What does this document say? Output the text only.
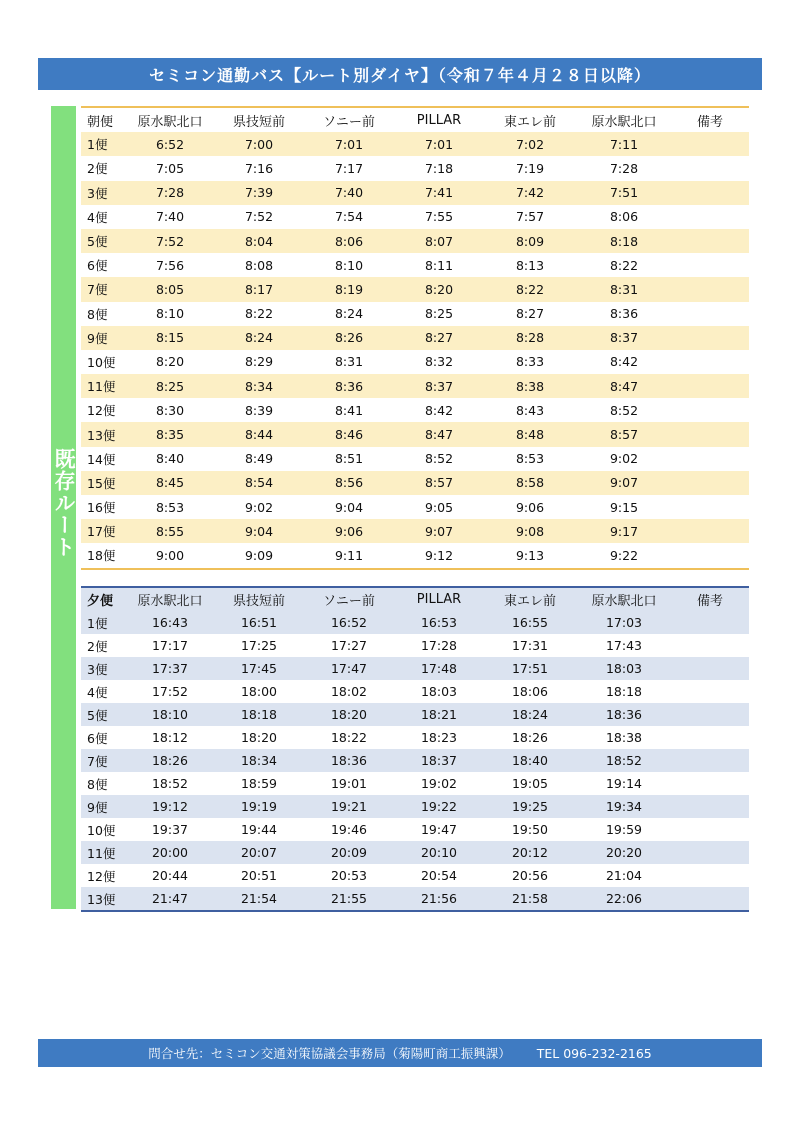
セミコン通勤バス【ルート別ダイヤ】（令和７年４月２８日以降）
既存ルート
朝便	原水駅北口	県技短前	ソニー前	PILLAR	東エレ前	原水駅北口	備考
1便	6:52	7:00	7:01	7:01	7:02	7:11	
2便	7:05	7:16	7:17	7:18	7:19	7:28	
3便	7:28	7:39	7:40	7:41	7:42	7:51	
4便	7:40	7:52	7:54	7:55	7:57	8:06	
5便	7:52	8:04	8:06	8:07	8:09	8:18	
6便	7:56	8:08	8:10	8:11	8:13	8:22	
7便	8:05	8:17	8:19	8:20	8:22	8:31	
8便	8:10	8:22	8:24	8:25	8:27	8:36	
9便	8:15	8:24	8:26	8:27	8:28	8:37	
10便	8:20	8:29	8:31	8:32	8:33	8:42	
11便	8:25	8:34	8:36	8:37	8:38	8:47	
12便	8:30	8:39	8:41	8:42	8:43	8:52	
13便	8:35	8:44	8:46	8:47	8:48	8:57	
14便	8:40	8:49	8:51	8:52	8:53	9:02	
15便	8:45	8:54	8:56	8:57	8:58	9:07	
16便	8:53	9:02	9:04	9:05	9:06	9:15	
17便	8:55	9:04	9:06	9:07	9:08	9:17	
18便	9:00	9:09	9:11	9:12	9:13	9:22	
夕便	原水駅北口	県技短前	ソニー前	PILLAR	東エレ前	原水駅北口	備考
1便	16:43	16:51	16:52	16:53	16:55	17:03	
2便	17:17	17:25	17:27	17:28	17:31	17:43	
3便	17:37	17:45	17:47	17:48	17:51	18:03	
4便	17:52	18:00	18:02	18:03	18:06	18:18	
5便	18:10	18:18	18:20	18:21	18:24	18:36	
6便	18:12	18:20	18:22	18:23	18:26	18:38	
7便	18:26	18:34	18:36	18:37	18:40	18:52	
8便	18:52	18:59	19:01	19:02	19:05	19:14	
9便	19:12	19:19	19:21	19:22	19:25	19:34	
10便	19:37	19:44	19:46	19:47	19:50	19:59	
11便	20:00	20:07	20:09	20:10	20:12	20:20	
12便	20:44	20:51	20:53	20:54	20:56	21:04	
13便	21:47	21:54	21:55	21:56	21:58	22:06	
問合せ先：セミコン交通対策協議会事務局（菊陽町商工振興課） TEL 096-232-2165
